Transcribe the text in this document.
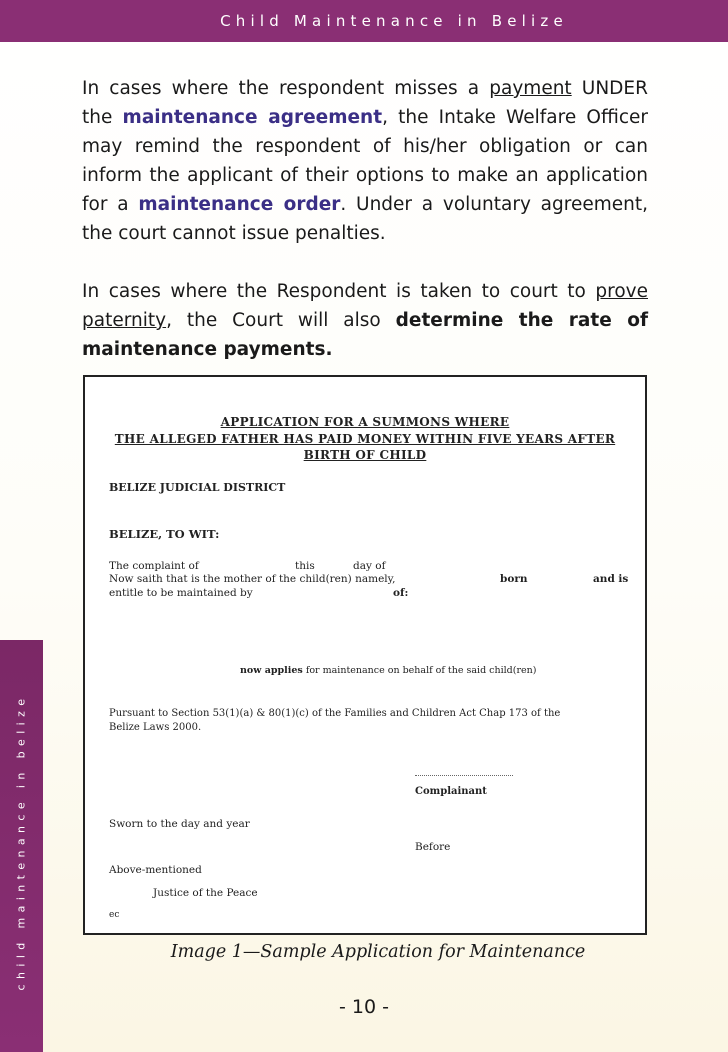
Child Maintenance in Belize
child maintenance in belize

In cases where the respondent misses a payment UNDER the maintenance agreement, the Intake Welfare Officer may remind the respondent of his/her obligation or can inform the applicant of their options to make an application for a maintenance order. Under a voluntary agreement, the court cannot issue penalties.

In cases where the Respondent is taken to court to prove paternity, the Court will also determine the rate of maintenance payments.

APPLICATION FOR A SUMMONS WHERE
THE ALLEGED FATHER HAS PAID MONEY WITHIN FIVE YEARS AFTER
BIRTH OF CHILD
BELIZE JUDICIAL DISTRICT
BELIZE, TO WIT:
The complaint of	this	day of
Now saith that is the mother of the child(ren) namely,	born	and is
entitle to be maintained by	of:
now applies for maintenance on behalf of the said child(ren)
Pursuant to Section 53(1)(a) & 80(1)(c) of the Families and Children Act Chap 173 of the
Belize Laws 2000.
Complainant
Sworn to the day and year
Before
Above-mentioned
Justice of the Peace
ec
Image 1—Sample Application for Maintenance
- 10 -
